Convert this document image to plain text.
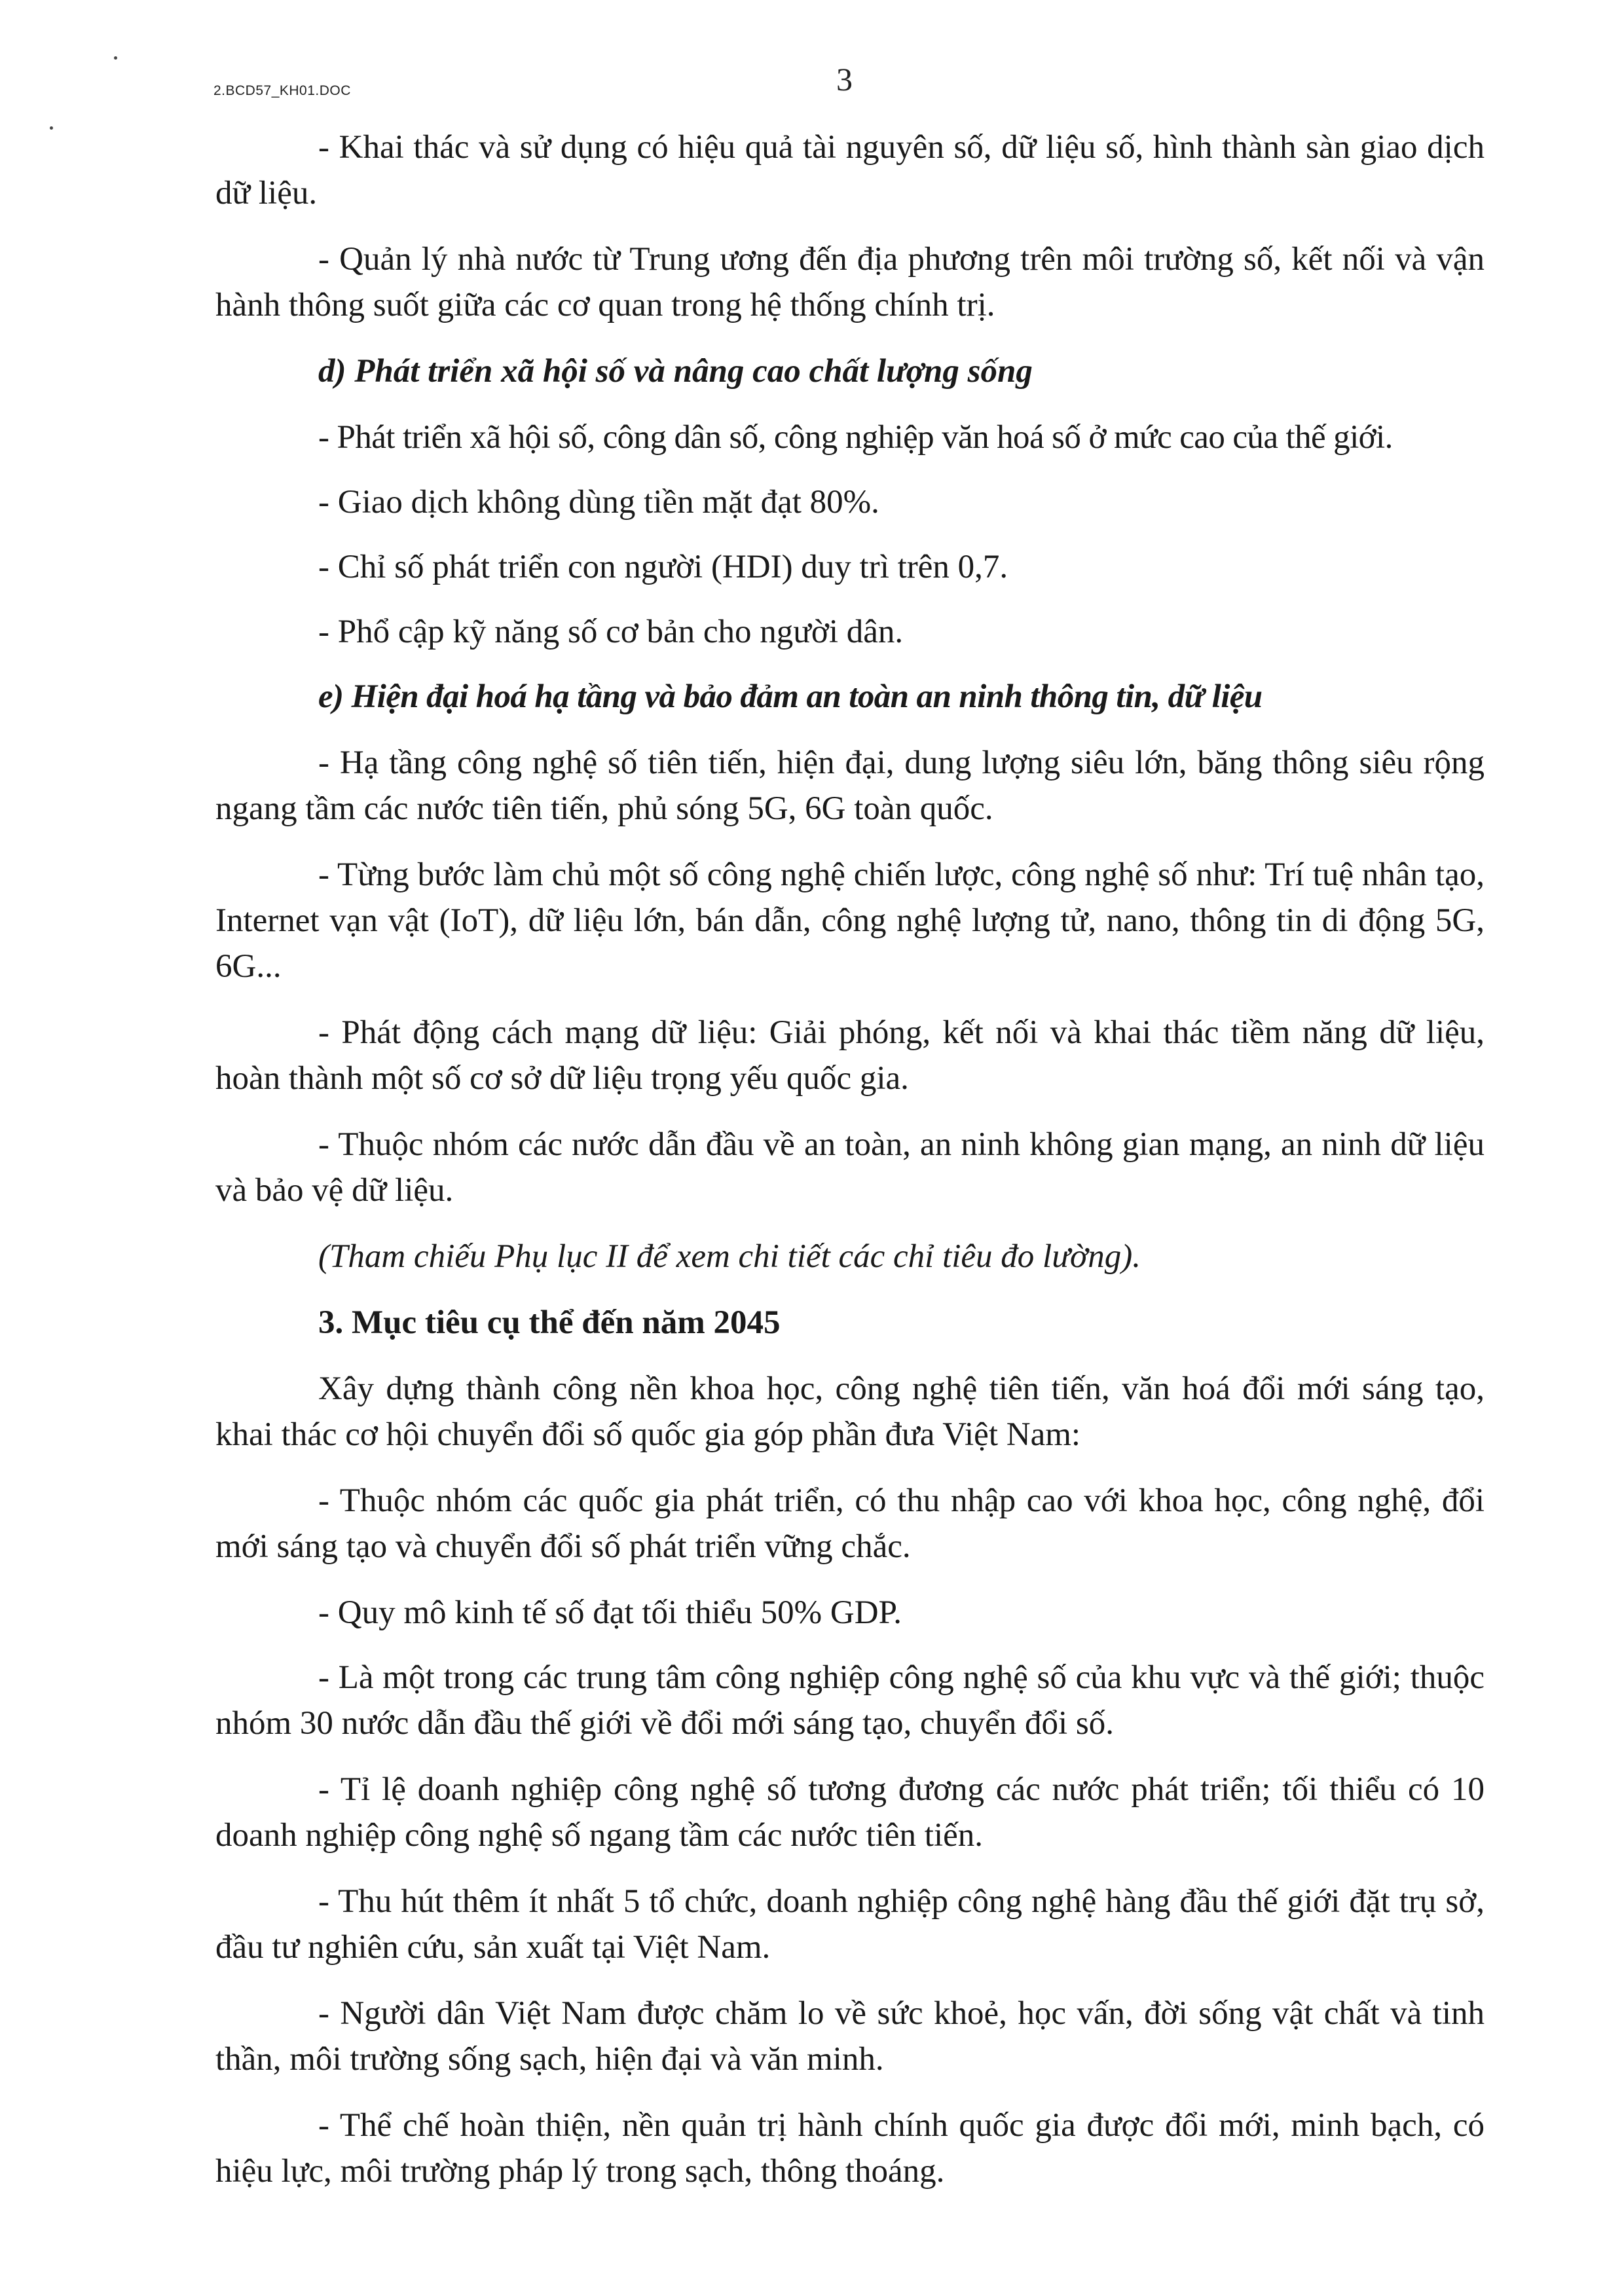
2.BCD57_KH01.DOC	3

- Khai thác và sử dụng có hiệu quả tài nguyên số, dữ liệu số, hình thành sàn giao dịch dữ liệu.

- Quản lý nhà nước từ Trung ương đến địa phương trên môi trường số, kết nối và vận hành thông suốt giữa các cơ quan trong hệ thống chính trị.

d) Phát triển xã hội số và nâng cao chất lượng sống

- Phát triển xã hội số, công dân số, công nghiệp văn hoá số ở mức cao của thế giới.

- Giao dịch không dùng tiền mặt đạt 80%.

- Chỉ số phát triển con người (HDI) duy trì trên 0,7.

- Phổ cập kỹ năng số cơ bản cho người dân.

e) Hiện đại hoá hạ tầng và bảo đảm an toàn an ninh thông tin, dữ liệu

- Hạ tầng công nghệ số tiên tiến, hiện đại, dung lượng siêu lớn, băng thông siêu rộng ngang tầm các nước tiên tiến, phủ sóng 5G, 6G toàn quốc.

- Từng bước làm chủ một số công nghệ chiến lược, công nghệ số như: Trí tuệ nhân tạo, Internet vạn vật (IoT), dữ liệu lớn, bán dẫn, công nghệ lượng tử, nano, thông tin di động 5G, 6G...

- Phát động cách mạng dữ liệu: Giải phóng, kết nối và khai thác tiềm năng dữ liệu, hoàn thành một số cơ sở dữ liệu trọng yếu quốc gia.

- Thuộc nhóm các nước dẫn đầu về an toàn, an ninh không gian mạng, an ninh dữ liệu và bảo vệ dữ liệu.

(Tham chiếu Phụ lục II để xem chi tiết các chỉ tiêu đo lường).

3. Mục tiêu cụ thể đến năm 2045

Xây dựng thành công nền khoa học, công nghệ tiên tiến, văn hoá đổi mới sáng tạo, khai thác cơ hội chuyển đổi số quốc gia góp phần đưa Việt Nam:

- Thuộc nhóm các quốc gia phát triển, có thu nhập cao với khoa học, công nghệ, đổi mới sáng tạo và chuyển đổi số phát triển vững chắc.

- Quy mô kinh tế số đạt tối thiểu 50% GDP.

- Là một trong các trung tâm công nghiệp công nghệ số của khu vực và thế giới; thuộc nhóm 30 nước dẫn đầu thế giới về đổi mới sáng tạo, chuyển đổi số.

- Tỉ lệ doanh nghiệp công nghệ số tương đương các nước phát triển; tối thiểu có 10 doanh nghiệp công nghệ số ngang tầm các nước tiên tiến.

- Thu hút thêm ít nhất 5 tổ chức, doanh nghiệp công nghệ hàng đầu thế giới đặt trụ sở, đầu tư nghiên cứu, sản xuất tại Việt Nam.

- Người dân Việt Nam được chăm lo về sức khoẻ, học vấn, đời sống vật chất và tinh thần, môi trường sống sạch, hiện đại và văn minh.

- Thể chế hoàn thiện, nền quản trị hành chính quốc gia được đổi mới, minh bạch, có hiệu lực, môi trường pháp lý trong sạch, thông thoáng.
